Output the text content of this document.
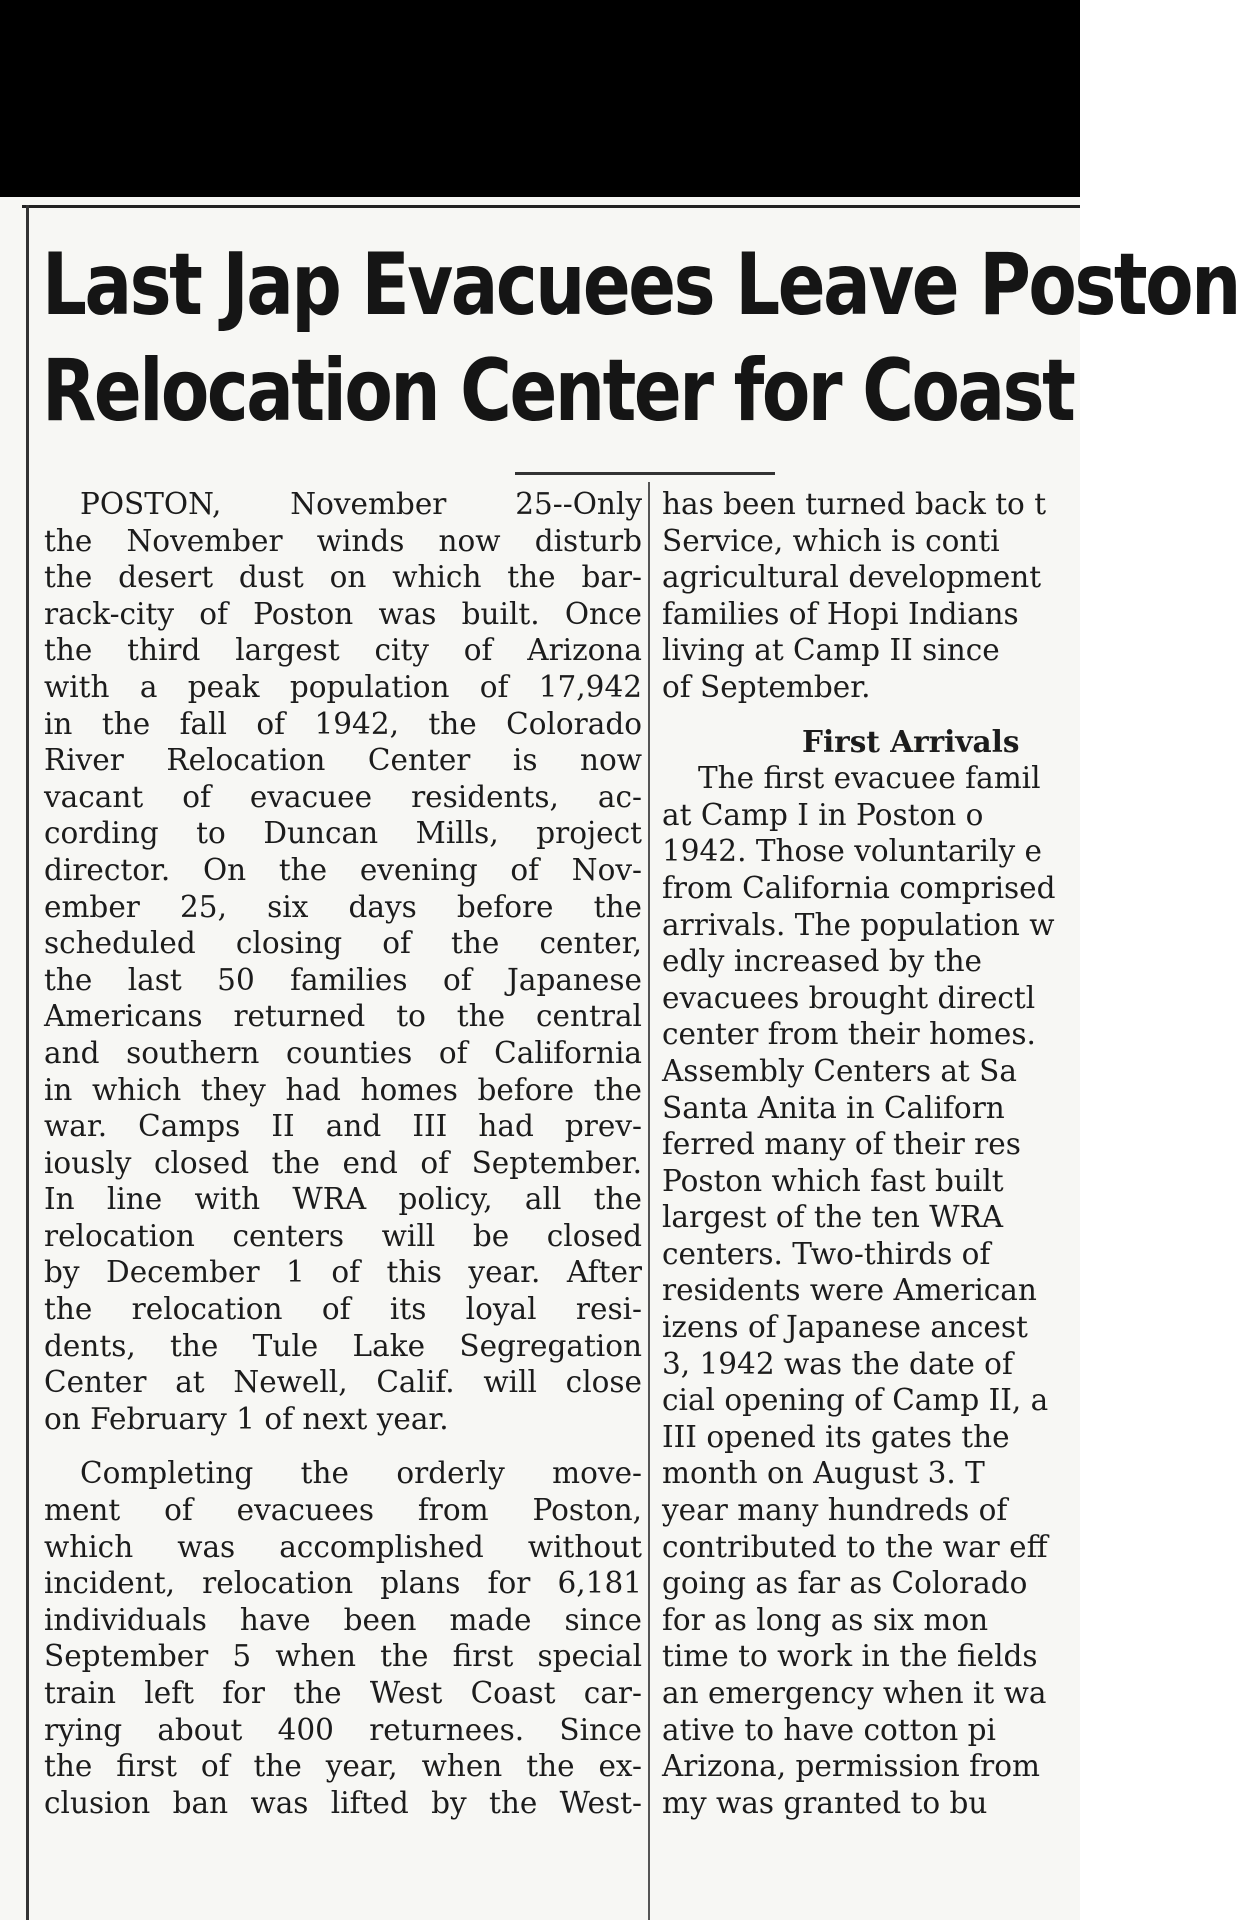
Last Jap Evacuees Leave Poston
Relocation Center for Coast
POSTON, November 25--Only
the November winds now disturb
the desert dust on which the bar-
rack-city of Poston was built. Once
the third largest city of Arizona
with a peak population of 17,942
in the fall of 1942, the Colorado
River Relocation Center is now
vacant of evacuee residents, ac-
cording to Duncan Mills, project
director. On the evening of Nov-
ember 25, six days before the
scheduled closing of the center,
the last 50 families of Japanese
Americans returned to the central
and southern counties of California
in which they had homes before the
war. Camps II and III had prev-
iously closed the end of September.
In line with WRA policy, all the
relocation centers will be closed
by December 1 of this year. After
the relocation of its loyal resi-
dents, the Tule Lake Segregation
Center at Newell, Calif. will close
on February 1 of next year.
Completing the orderly move-
ment of evacuees from Poston,
which was accomplished without
incident, relocation plans for 6,181
individuals have been made since
September 5 when the first special
train left for the West Coast car-
rying about 400 returnees. Since
the first of the year, when the ex-
clusion ban was lifted by the West-
has been turned back to t
Service, which is conti
agricultural development
families of Hopi Indians
living at Camp II since
of September.
First Arrivals
The first evacuee famil
at Camp I in Poston o
1942. Those voluntarily e
from California comprised
arrivals. The population w
edly increased by the
evacuees brought directl
center from their homes.
Assembly Centers at Sa
Santa Anita in Californ
ferred many of their res
Poston which fast built
largest of the ten WRA
centers. Two-thirds of
residents were American
izens of Japanese ancest
3, 1942 was the date of
cial opening of Camp II, a
III opened its gates the
month on August 3. T
year many hundreds of
contributed to the war eff
going as far as Colorado
for as long as six mon
time to work in the fields
an emergency when it wa
ative to have cotton pi
Arizona, permission from
my was granted to bu
